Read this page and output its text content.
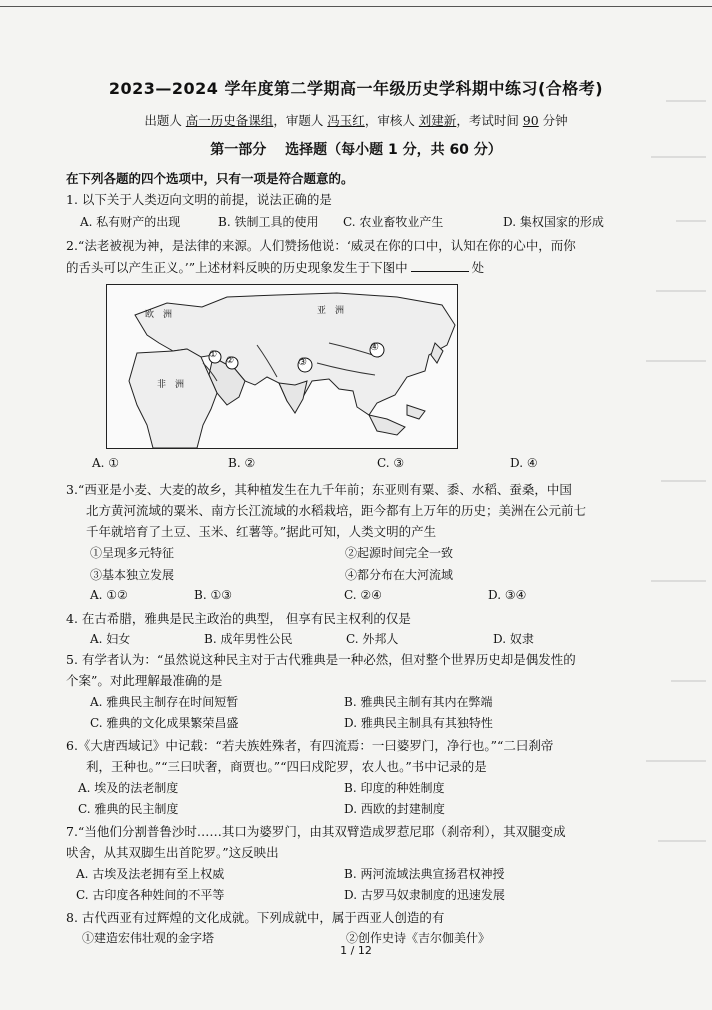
2023—2024 学年度第二学期高一年级历史学科期中练习(合格考)
出题人 高一历史备课组，审题人 冯玉红，审核人 刘建新，考试时间 90 分钟
第一部分　 选择题（每小题 1 分，共 60 分）
在下列各题的四个选项中，只有一项是符合题意的。
1. 以下关于人类迈向文明的前提，说法正确的是
A. 私有财产的出现	B. 铁制工具的使用 C. 农业畜牧业产生	D. 集权国家的形成
2.“法老被视为神，是法律的来源。人们赞扬他说：‘威灵在你的口中，认知在你的心中，而你
的舌头可以产生正义。’”上述材料反映的历史现象发生于下图中	处
欧　洲	亚　洲
非　洲
①
②	③
④
A. ①	B. ②	C. ③	D. ④
3.“西亚是小麦、大麦的故乡，其种植发生在九千年前；东亚则有粟、黍、水稻、蚕桑，中国
北方黄河流域的粟米、南方长江流域的水稻栽培，距今都有上万年的历史；美洲在公元前七
千年就培育了土豆、玉米、红薯等。”据此可知，人类文明的产生
①呈现多元特征	②起源时间完全一致
③基本独立发展	④都分布在大河流域
A. ①②	B. ①③	C. ②④	D. ③④
4. 在古希腊，雅典是民主政治的典型， 但享有民主权利的仅是
A. 妇女	B. 成年男性公民	C. 外邦人	D. 奴隶
5. 有学者认为：“虽然说这种民主对于古代雅典是一种必然，但对整个世界历史却是偶发性的
个案”。对此理解最准确的是
A. 雅典民主制存在时间短暂	B. 雅典民主制有其内在弊端
C. 雅典的文化成果繁荣昌盛	D. 雅典民主制具有其独特性
6.《大唐西域记》中记载：“若夫族姓殊者，有四流焉：一曰婆罗门，净行也。”“二曰刹帝
利，王种也。”“三曰吠奢，商贾也。”“四曰戍陀罗，农人也。”书中记录的是
A. 埃及的法老制度	B. 印度的种姓制度
C. 雅典的民主制度	D. 西欧的封建制度
7.“当他们分割普鲁沙时……其口为婆罗门，由其双臂造成罗惹尼耶（刹帝利），其双腿变成
吠舍，从其双脚生出首陀罗。”这反映出
A. 古埃及法老拥有至上权威	B. 两河流域法典宣扬君权神授
C. 古印度各种姓间的不平等	D. 古罗马奴隶制度的迅速发展
8. 古代西亚有过辉煌的文化成就。下列成就中，属于西亚人创造的有
①建造宏伟壮观的金字塔	②创作史诗《吉尔伽美什》
1 / 12
